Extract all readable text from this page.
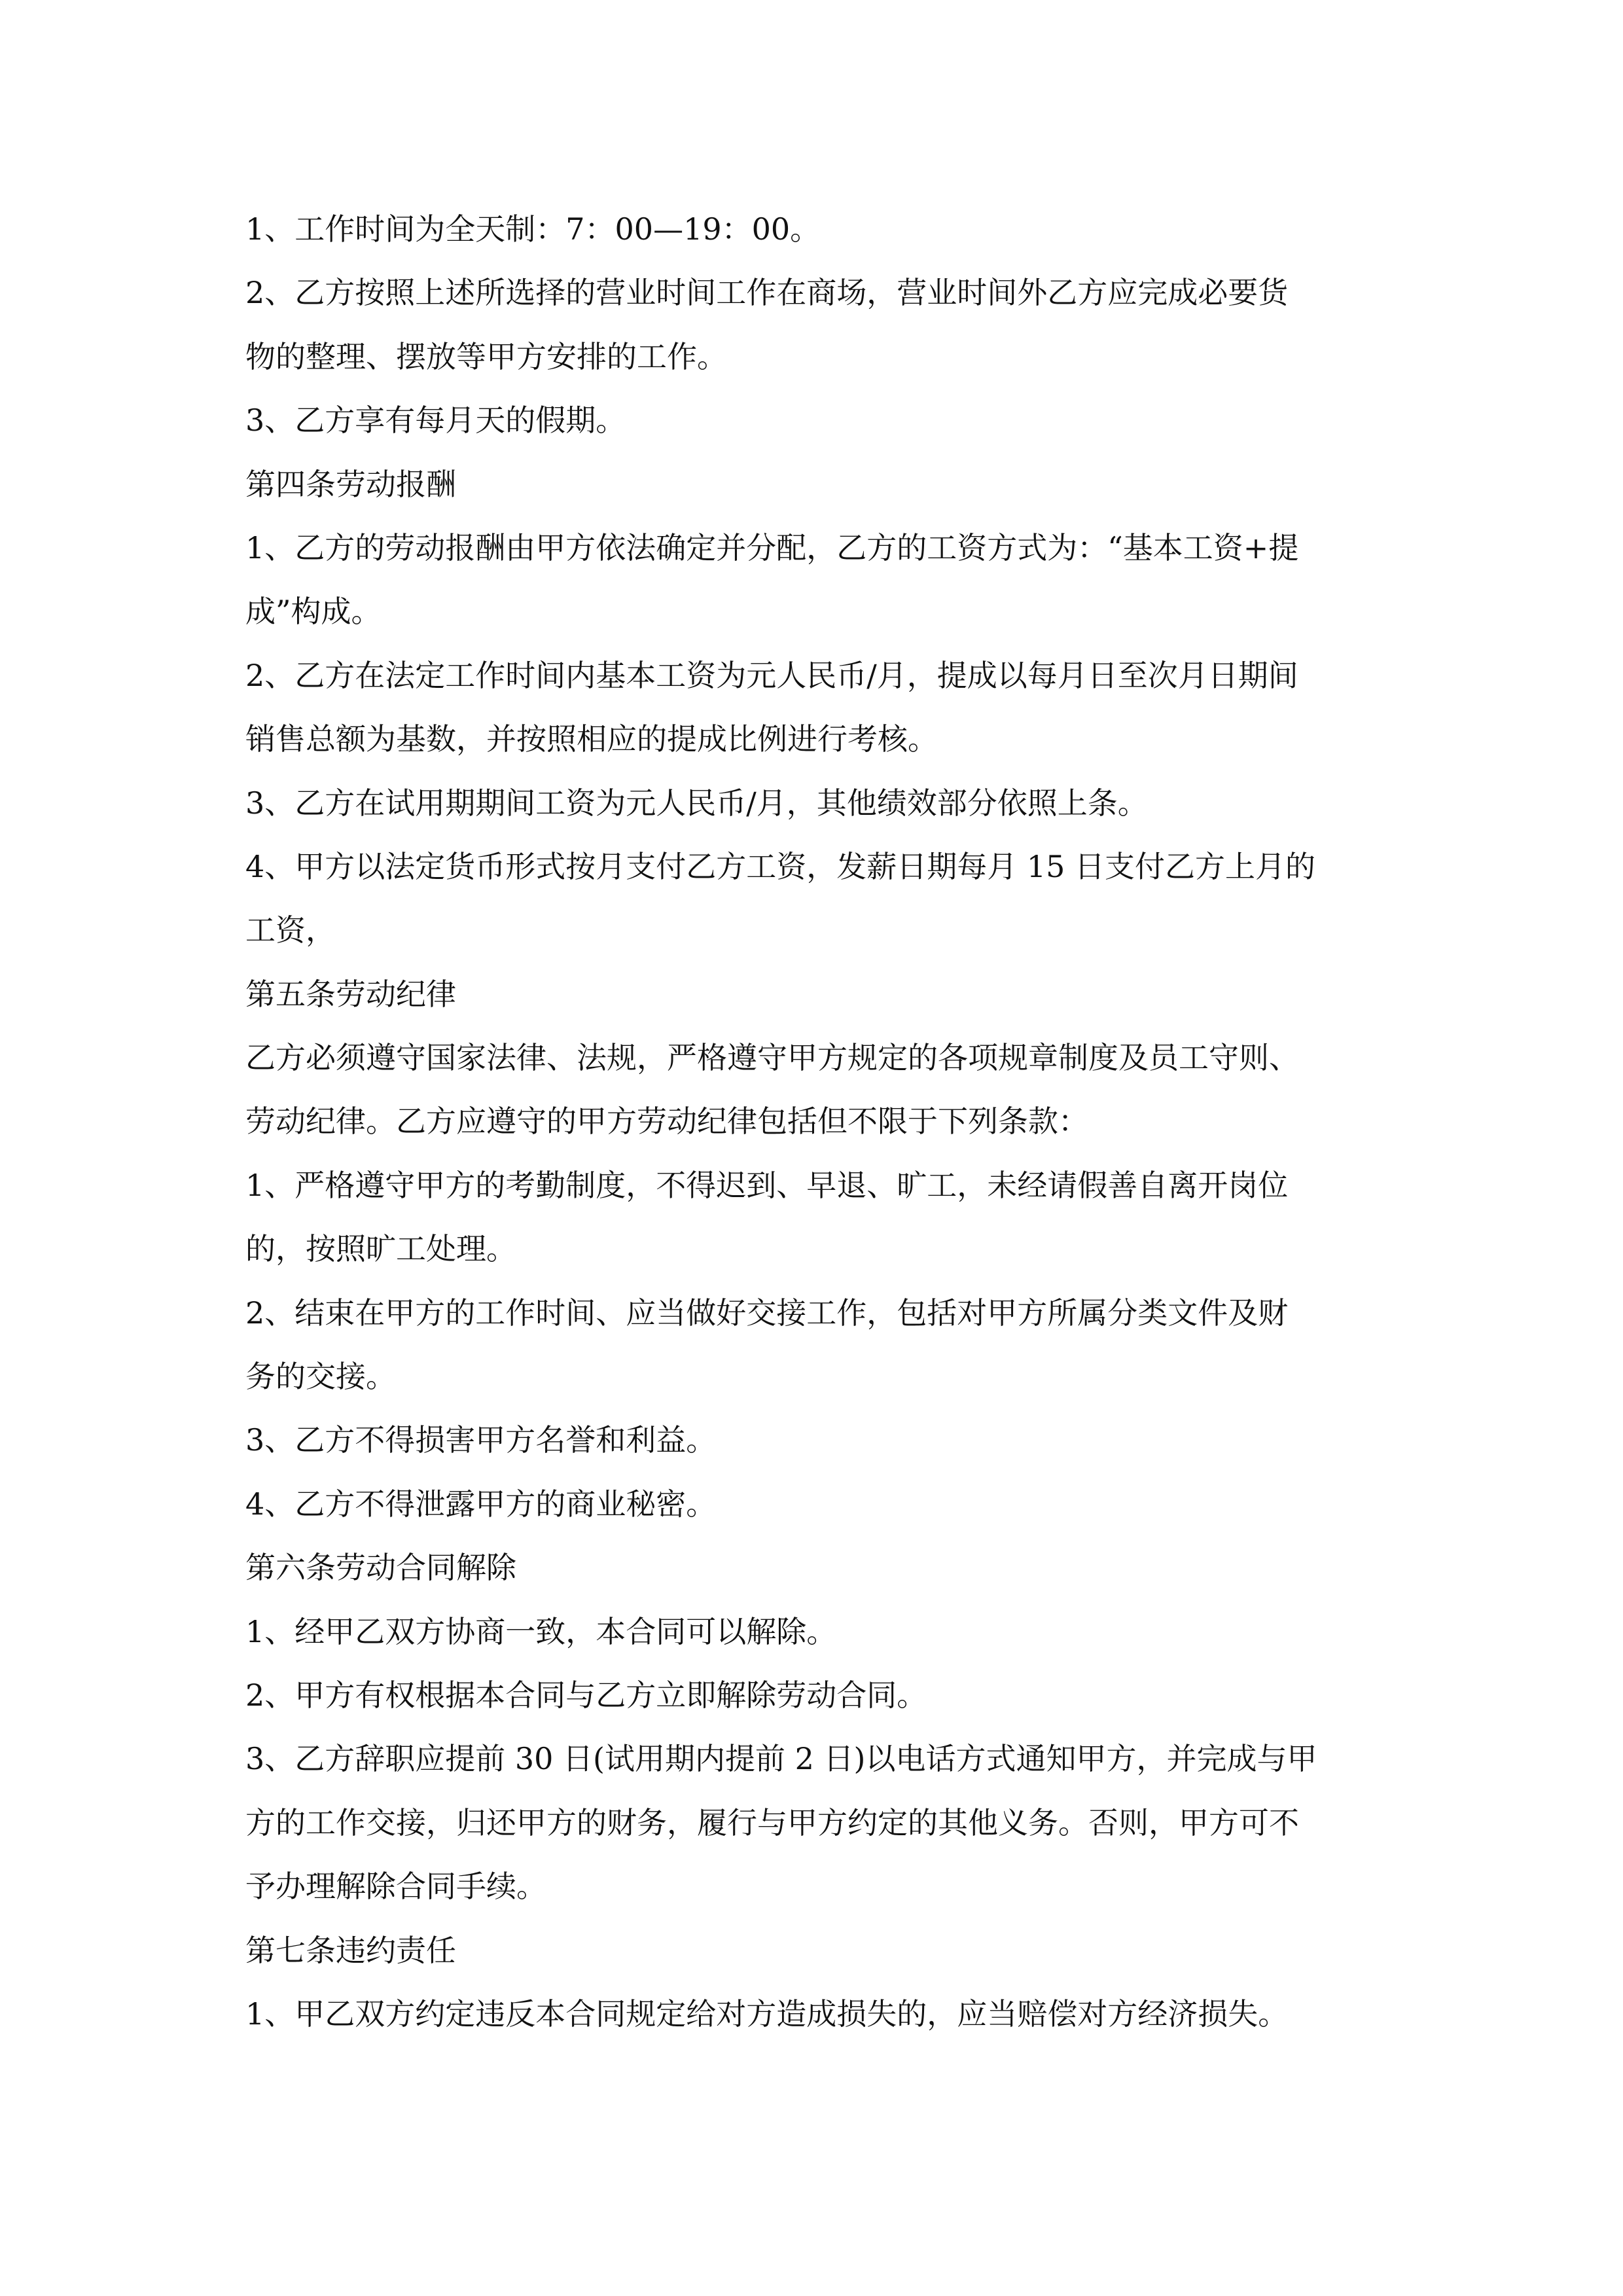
1、工作时间为全天制：7：00—19：00。

2、乙方按照上述所选择的营业时间工作在商场，营业时间外乙方应完成必要货

物的整理、摆放等甲方安排的工作。

3、乙方享有每月天的假期。

第四条劳动报酬

1、乙方的劳动报酬由甲方依法确定并分配，乙方的工资方式为：“基本工资+提

成”构成。

2、乙方在法定工作时间内基本工资为元人民币/月，提成以每月日至次月日期间

销售总额为基数，并按照相应的提成比例进行考核。

3、乙方在试用期期间工资为元人民币/月，其他绩效部分依照上条。

4、甲方以法定货币形式按月支付乙方工资，发薪日期每月 15 日支付乙方上月的

工资，

第五条劳动纪律

乙方必须遵守国家法律、法规，严格遵守甲方规定的各项规章制度及员工守则、

劳动纪律。乙方应遵守的甲方劳动纪律包括但不限于下列条款：

1、严格遵守甲方的考勤制度，不得迟到、早退、旷工，未经请假善自离开岗位

的，按照旷工处理。

2、结束在甲方的工作时间、应当做好交接工作，包括对甲方所属分类文件及财

务的交接。

3、乙方不得损害甲方名誉和利益。

4、乙方不得泄露甲方的商业秘密。

第六条劳动合同解除

1、经甲乙双方协商一致，本合同可以解除。

2、甲方有权根据本合同与乙方立即解除劳动合同。

3、乙方辞职应提前 30 日(试用期内提前 2 日)以电话方式通知甲方，并完成与甲

方的工作交接，归还甲方的财务，履行与甲方约定的其他义务。否则，甲方可不

予办理解除合同手续。

第七条违约责任

1、甲乙双方约定违反本合同规定给对方造成损失的，应当赔偿对方经济损失。
